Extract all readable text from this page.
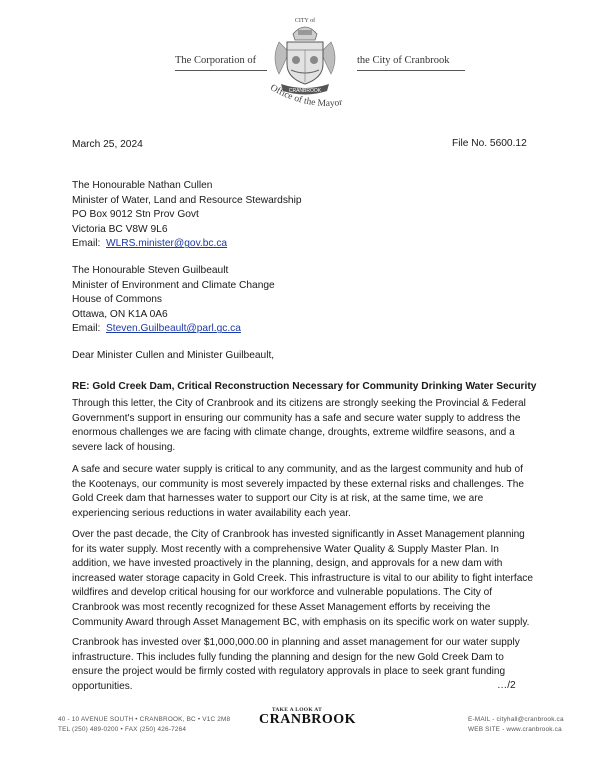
The Corporation of	the City of Cranbrook
CITY of
CRANBROOK
Office of the Mayor
March 25, 2024	File No. 5600.12
The Honourable Nathan Cullen
Minister of Water, Land and Resource Stewardship
PO Box 9012 Stn Prov Govt
Victoria BC V8W 9L6
Email: WLRS.minister@gov.bc.ca
The Honourable Steven Guilbeault
Minister of Environment and Climate Change
House of Commons
Ottawa, ON K1A 0A6
Email: Steven.Guilbeault@parl.gc.ca
Dear Minister Cullen and Minister Guilbeault,
RE: Gold Creek Dam, Critical Reconstruction Necessary for Community Drinking Water Security
Through this letter, the City of Cranbrook and its citizens are strongly seeking the Provincial & Federal Government's support in ensuring our community has a safe and secure water supply to address the enormous challenges we are facing with climate change, droughts, extreme wildfire seasons, and a severe lack of housing.
A safe and secure water supply is critical to any community, and as the largest community and hub of the Kootenays, our community is most severely impacted by these external risks and challenges. The Gold Creek dam that harnesses water to support our City is at risk, at the same time, we are experiencing serious reductions in water availability each year.
Over the past decade, the City of Cranbrook has invested significantly in Asset Management planning for its water supply. Most recently with a comprehensive Water Quality & Supply Master Plan. In addition, we have invested proactively in the planning, design, and approvals for a new dam with increased water storage capacity in Gold Creek. This infrastructure is vital to our ability to fight interface wildfires and develop critical housing for our workforce and vulnerable populations. The City of Cranbrook was most recently recognized for these Asset Management efforts by receiving the Community Award through Asset Management BC, with emphasis on its specific work on water supply.
Cranbrook has invested over $1,000,000.00 in planning and asset management for our water supply infrastructure. This includes fully funding the planning and design for the new Gold Creek Dam to ensure the project would be firmly costed with regulatory approvals in place to seek grant funding opportunities.	…/2
40 - 10 AVENUE SOUTH • CRANBROOK, BC • V1C 2M8
TEL (250) 489-0200 • FAX (250) 426-7264
TAKE A LOOK AT
CRANBROOK	E-MAIL - cityhall@cranbrook.ca
WEB SITE - www.cranbrook.ca
